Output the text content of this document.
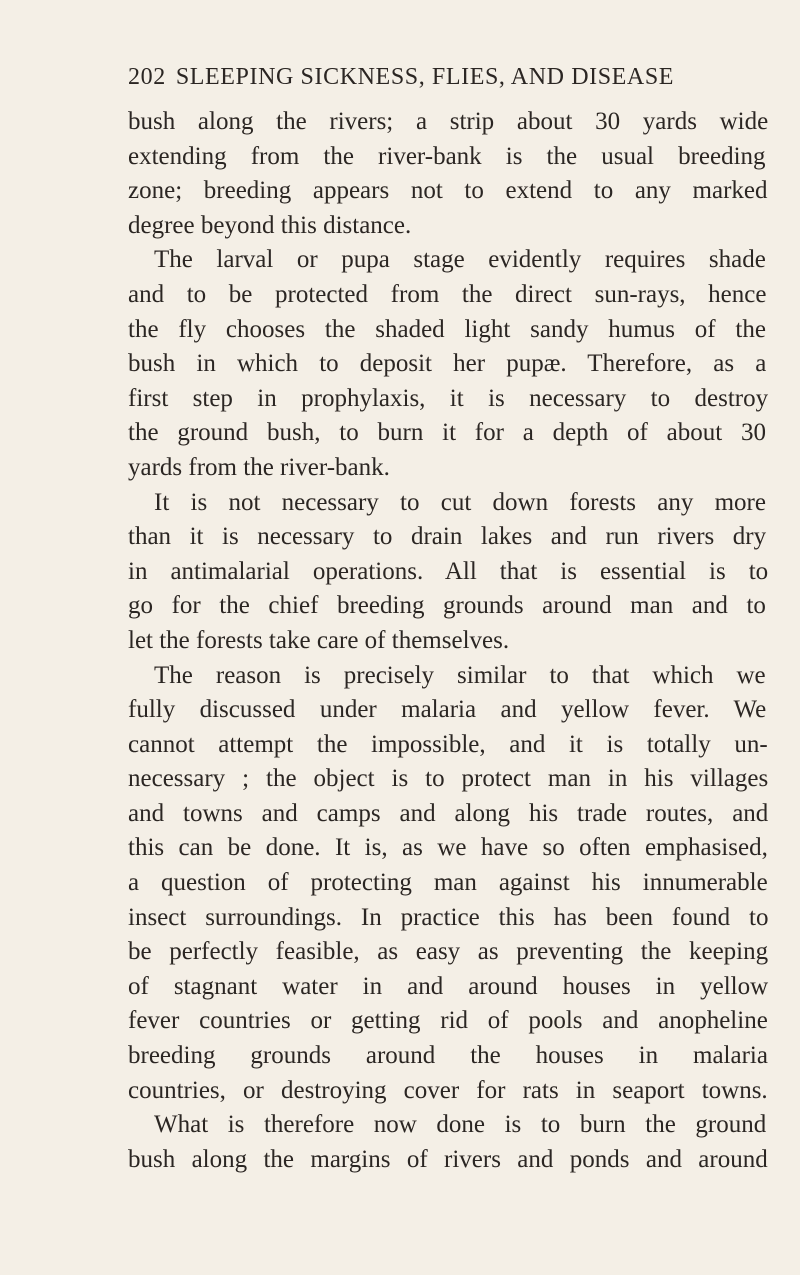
202 SLEEPING SICKNESS, FLIES, AND DISEASE
bush along the rivers; a strip about 30 yards wide
extending from the river-bank is the usual breeding
zone; breeding appears not to extend to any marked
degree beyond this distance.
The larval or pupa stage evidently requires shade
and to be protected from the direct sun-rays, hence
the fly chooses the shaded light sandy humus of the
bush in which to deposit her pupæ. Therefore, as a
first step in prophylaxis, it is necessary to destroy
the ground bush, to burn it for a depth of about 30
yards from the river-bank.
It is not necessary to cut down forests any more
than it is necessary to drain lakes and run rivers dry
in antimalarial operations. All that is essential is to
go for the chief breeding grounds around man and to
let the forests take care of themselves.
The reason is precisely similar to that which we
fully discussed under malaria and yellow fever. We
cannot attempt the impossible, and it is totally un-
necessary ; the object is to protect man in his villages
and towns and camps and along his trade routes, and
this can be done. It is, as we have so often emphasised,
a question of protecting man against his innumerable
insect surroundings. In practice this has been found to
be perfectly feasible, as easy as preventing the keeping
of stagnant water in and around houses in yellow
fever countries or getting rid of pools and anopheline
breeding grounds around the houses in malaria
countries, or destroying cover for rats in seaport towns.
What is therefore now done is to burn the ground
bush along the margins of rivers and ponds and around
